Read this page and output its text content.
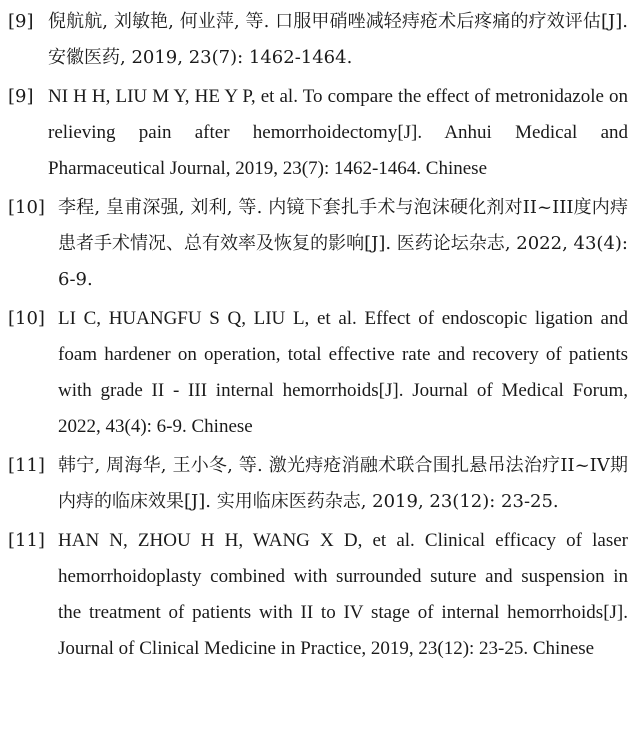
[9] 倪航航, 刘敏艳, 何业萍, 等. 口服甲硝唑减轻痔疮术后疼痛的疗效评估[J]. 安徽医药, 2019, 23(7): 1462-1464.
[9] NI H H, LIU M Y, HE Y P, et al. To compare the effect of metronidazole on relieving pain after hemorrhoidectomy[J]. Anhui Medical and Pharmaceutical Journal, 2019, 23(7): 1462-1464. Chinese
[10] 李程, 皇甫深强, 刘利, 等. 内镜下套扎手术与泡沫硬化剂对II~III度内痔患者手术情况、总有效率及恢复的影响[J]. 医药论坛杂志, 2022, 43(4): 6-9.
[10] LI C, HUANGFU S Q, LIU L, et al. Effect of endoscopic ligation and foam hardener on operation, total effective rate and recovery of patients with grade II - III internal hemorrhoids[J]. Journal of Medical Forum, 2022, 43(4): 6-9. Chinese
[11] 韩宁, 周海华, 王小冬, 等. 激光痔疮消融术联合围扎悬吊法治疗II~IV期内痔的临床效果[J]. 实用临床医药杂志, 2019, 23(12): 23-25.
[11] HAN N, ZHOU H H, WANG X D, et al. Clinical efficacy of laser hemorrhoidoplasty combined with surrounded suture and suspension in the treatment of patients with II to IV stage of internal hemorrhoids[J]. Journal of Clinical Medicine in Practice, 2019, 23(12): 23-25. Chinese
